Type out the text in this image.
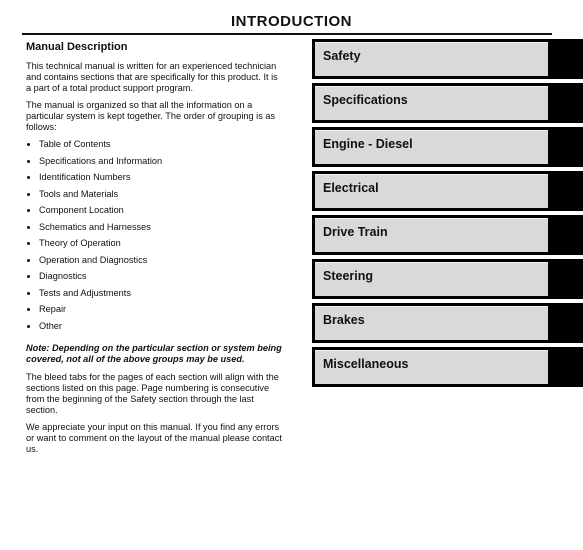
INTRODUCTION
Manual Description

This technical manual is written for an experienced technician and contains sections that are specifically for this product. It is a part of a total product support program.

The manual is organized so that all the information on a particular system is kept together. The order of grouping is as follows:

Table of Contents
Specifications and Information
Identification Numbers
Tools and Materials
Component Location
Schematics and Harnesses
Theory of Operation
Operation and Diagnostics
Diagnostics
Tests and Adjustments
Repair
Other

Note: Depending on the particular section or system being covered, not all of the above groups may be used.

The bleed tabs for the pages of each section will align with the sections listed on this page. Page numbering is consecutive from the beginning of the Safety section through the last section.

We appreciate your input on this manual. If you find any errors or want to comment on the layout of the manual please contact us.

Safety
Specifications
Engine - Diesel
Electrical
Drive Train
Steering
Brakes
Miscellaneous
